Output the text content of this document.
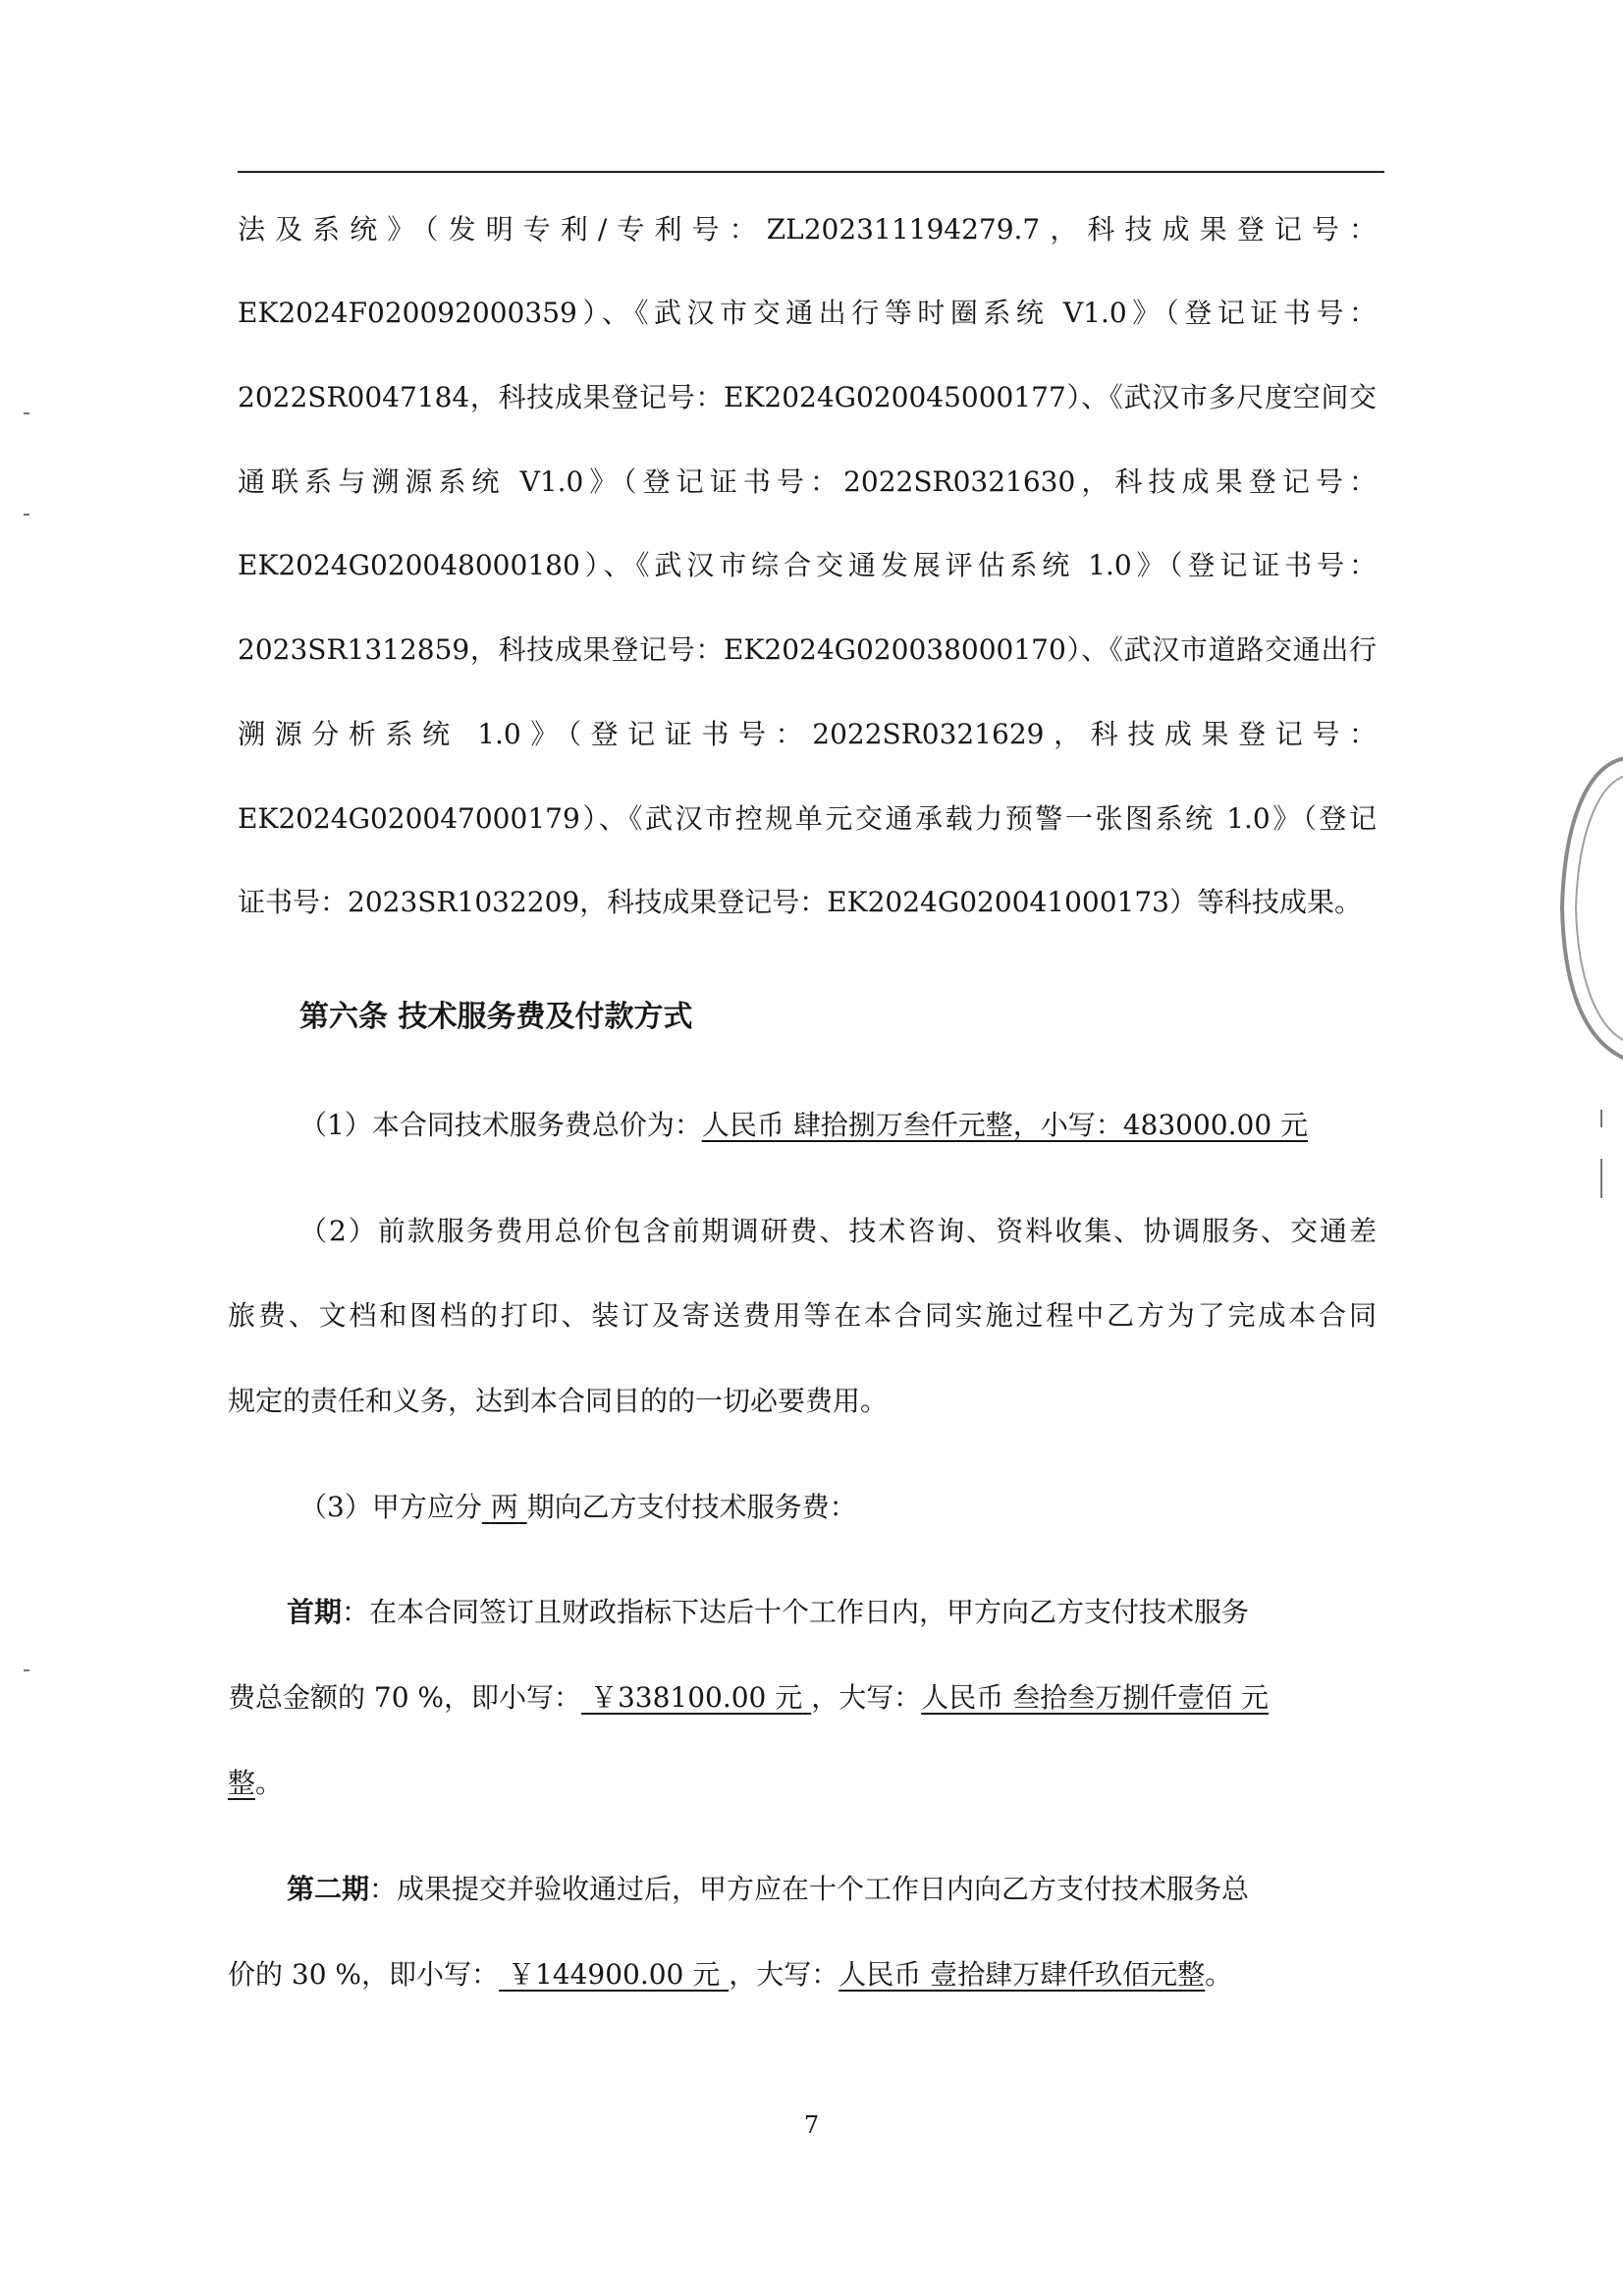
法及系统》（发明专利/专利号：ZL202311194279.7，科技成果登记号：
EK2024F020092000359）、《武汉市交通出行等时圈系统 V1.0》（登记证书号：
2022SR0047184，科技成果登记号：EK2024G020045000177）、《武汉市多尺度空间交
通联系与溯源系统 V1.0》（登记证书号：2022SR0321630，科技成果登记号：
EK2024G020048000180）、《武汉市综合交通发展评估系统 1.0》（登记证书号：
2023SR1312859，科技成果登记号：EK2024G020038000170）、《武汉市道路交通出行
溯源分析系统 1.0》（登记证书号：2022SR0321629，科技成果登记号：
EK2024G020047000179）、《武汉市控规单元交通承载力预警一张图系统 1.0》（登记
证书号：2023SR1032209，科技成果登记号：EK2024G020041000173）等科技成果。
第六条 技术服务费及付款方式
（1）本合同技术服务费总价为：人民币 肆拾捌万叁仟元整，小写：483000.00 元
（2）前款服务费用总价包含前期调研费、技术咨询、资料收集、协调服务、交通差
旅费、文档和图档的打印、装订及寄送费用等在本合同实施过程中乙方为了完成本合同
规定的责任和义务，达到本合同目的的一切必要费用。
（3）甲方应分 两 期向乙方支付技术服务费：
首期：在本合同签订且财政指标下达后十个工作日内，甲方向乙方支付技术服务
费总金额的 70 %，即小写： ￥338100.00 元 ，大写：人民币 叁拾叁万捌仟壹佰 元
整。
第二期：成果提交并验收通过后，甲方应在十个工作日内向乙方支付技术服务总
价的 30 %，即小写： ￥144900.00 元 ，大写：人民币 壹拾肆万肆仟玖佰元整。
7
